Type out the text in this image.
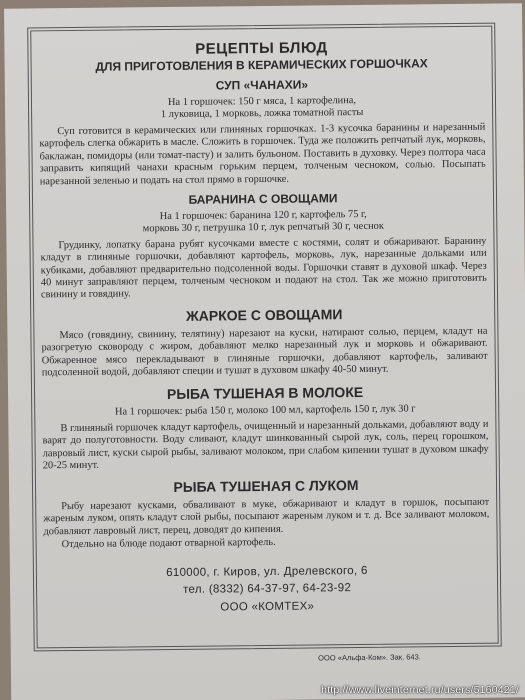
РЕЦЕПТЫ БЛЮД
ДЛЯ ПРИГОТОВЛЕНИЯ В КЕРАМИЧЕСКИХ ГОРШОЧКАХ
СУП «ЧАНАХИ»
На 1 горшочек: 150 г мяса, 1 картофелина,
1 луковица, 1 морковь, ложка томатной пасты
Суп готовится в керамических или глиняных горшочках. 1-3 кусочка баранины и нарезанный картофель слегка обжарить в масле. Сложить в горшочек. Туда же положить репчатый лук, морковь, баклажан, помидоры (или томат-пасту) и залить бульоном. Поставить в духовку. Через полтора часа заправить кипящий чанахи красным горьким перцем, толченым чесноком, солью. Посыпать нарезанной зеленью и подать на стол прямо в горшочке.
БАРАНИНА С ОВОЩАМИ
На 1 горшочек: баранина 120 г, картофель 75 г,
морковь 30 г, петрушка 10 г, лук репчатый 30 г, чеснок
Грудинку, лопатку барана рубят кусочками вместе с костями, солят и обжаривают. Баранину кладут в глиняные горшочки, добавляют картофель, морковь, лук, нарезанные дольками или кубиками, добавляют предварительно подсоленной воды. Горшочки ставят в духовой шкаф. Через 40 минут заправляют перцем, толченым чесноком и подают на стол. Так же можно приготовить свинину и говядину.
ЖАРКОЕ С ОВОЩАМИ
Мясо (говядину, свинину, телятину) нарезают на куски, натирают солью, перцем, кладут на разогретую сковороду с жиром, добавляют мелко нарезанный лук и морковь и обжаривают. Обжаренное мясо перекладывают в глиняные горшочки, добавляют картофель, заливают подсоленной водой, добавляют специи и тушат в духовом шкафу 40-50 минут.
РЫБА ТУШЕНАЯ В МОЛОКЕ
На 1 горшочек: рыба 150 г, молоко 100 мл, картофель 150 г, лук 30 г
В глиняный горшочек кладут картофель, очищенный и нарезанный дольками, добавляют воду и варят до полуготовности. Воду сливают, кладут шинкованный сырой лук, соль, перец горошком, лавровый лист, куски сырой рыбы, заливают молоком, при слабом кипении тушат в духовом шкафу 20-25 минут.
РЫБА ТУШЕНАЯ С ЛУКОМ
Рыбу нарезают кусками, обваливают в муке, обжаривают и кладут в горшок, посыпают жареным луком, опять кладут слой рыбы, посыпают жареным луком и т. д. Все заливают молоком, добавляют лавровый лист, перец, доводят до кипения.
Отдельно на блюде подают отварной картофель.
610000, г. Киров, ул. Дрелевского, 6
тел. (8332) 64-37-97, 64-23-92
ООО «КОМТЕХ»
ООО «Альфа-Ком». Зак. 643.
http://www.liveinternet.ru/users/5160421/
